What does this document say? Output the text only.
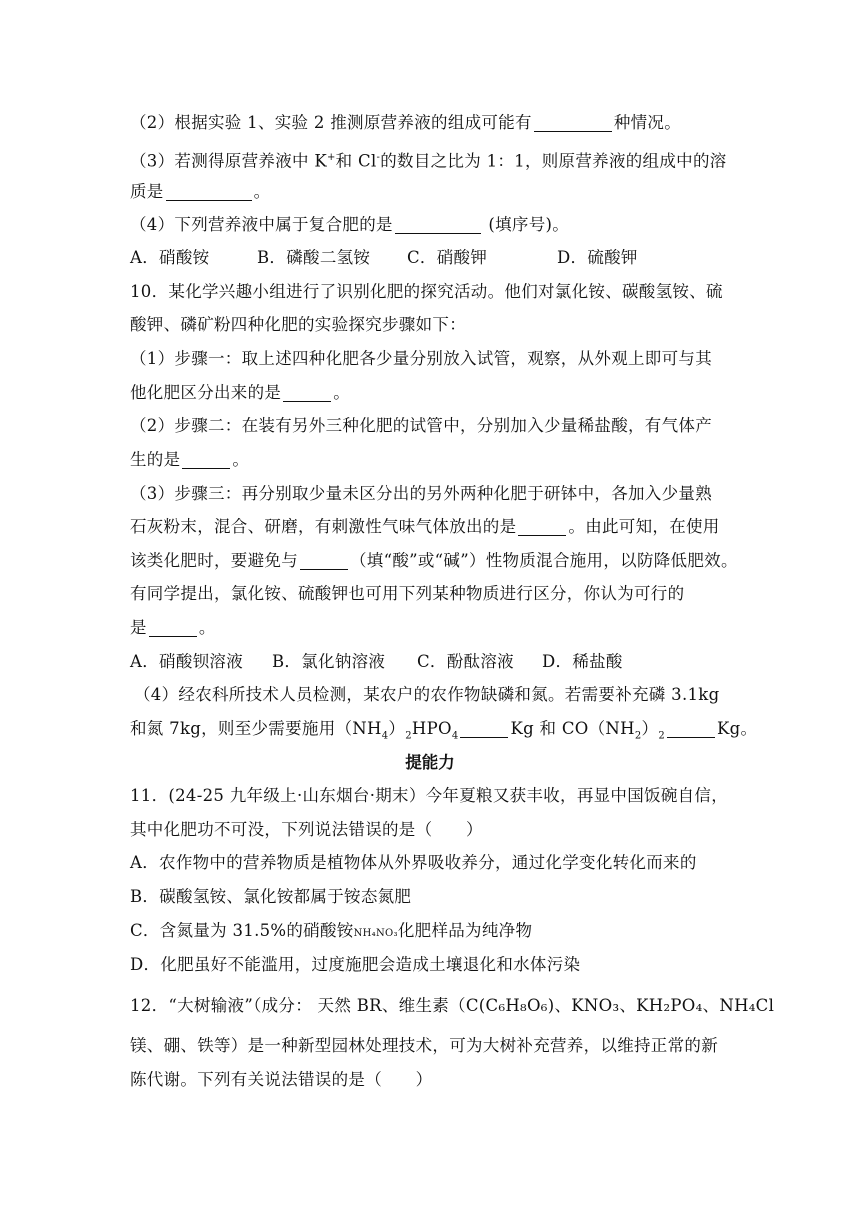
（2）根据实验 1、实验 2 推测原营养液的组成可能有	种情况。
（3）若测得原营养液中 K+和 Cl-的数目之比为 1：1，则原营养液的组成中的溶
质是	。
（4）下列营养液中属于复合肥的是	(填序号)。
A．硝酸铵	B．磷酸二氢铵 C．硝酸钾	D．硫酸钾
10．某化学兴趣小组进行了识别化肥的探究活动。他们对氯化铵、碳酸氢铵、硫
酸钾、磷矿粉四种化肥的实验探究步骤如下：
（1）步骤一：取上述四种化肥各少量分别放入试管，观察，从外观上即可与其
他化肥区分出来的是	。
（2）步骤二：在装有另外三种化肥的试管中，分别加入少量稀盐酸，有气体产
生的是	。
（3）步骤三：再分别取少量未区分出的另外两种化肥于研钵中，各加入少量熟
石灰粉末，混合、研磨，有刺激性气味气体放出的是	。由此可知，在使用
该类化肥时，要避免与	（填“酸”或“碱”）性物质混合施用，以防降低肥效。
有同学提出，氯化铵、硫酸钾也可用下列某种物质进行区分，你认为可行的
是	。
A．硝酸钡溶液 B．氯化钠溶液 C．酚酞溶液 D．稀盐酸
（4）经农科所技术人员检测，某农户的农作物缺磷和氮。若需要补充磷 3.1kg
和氮 7kg，则至少需要施用$(NH_4)_2HPO_4$	Kg 和 $CO(NH_2)_2$	Kg。
提能力
11．(24-25 九年级上·山东烟台·期末）今年夏粮又获丰收，再显中国饭碗自信，
其中化肥功不可没，下列说法错误的是（　　）
A．农作物中的营养物质是植物体从外界吸收养分，通过化学变化转化而来的
B．碳酸氢铵、氯化铵都属于铵态氮肥
C．含氮量为 31.5%的硝酸铵NH₄NO₃化肥样品为纯净物
D．化肥虽好不能滥用，过度施肥会造成土壤退化和水体污染
12．“大树输液”（成分： 天然 BR、维生素（C(C₆H₈O₆)、KNO₃、KH₂PO₄、NH₄Cl
镁、硼、铁等）是一种新型园林处理技术，可为大树补充营养，以维持正常的新
陈代谢。下列有关说法错误的是（　　）
